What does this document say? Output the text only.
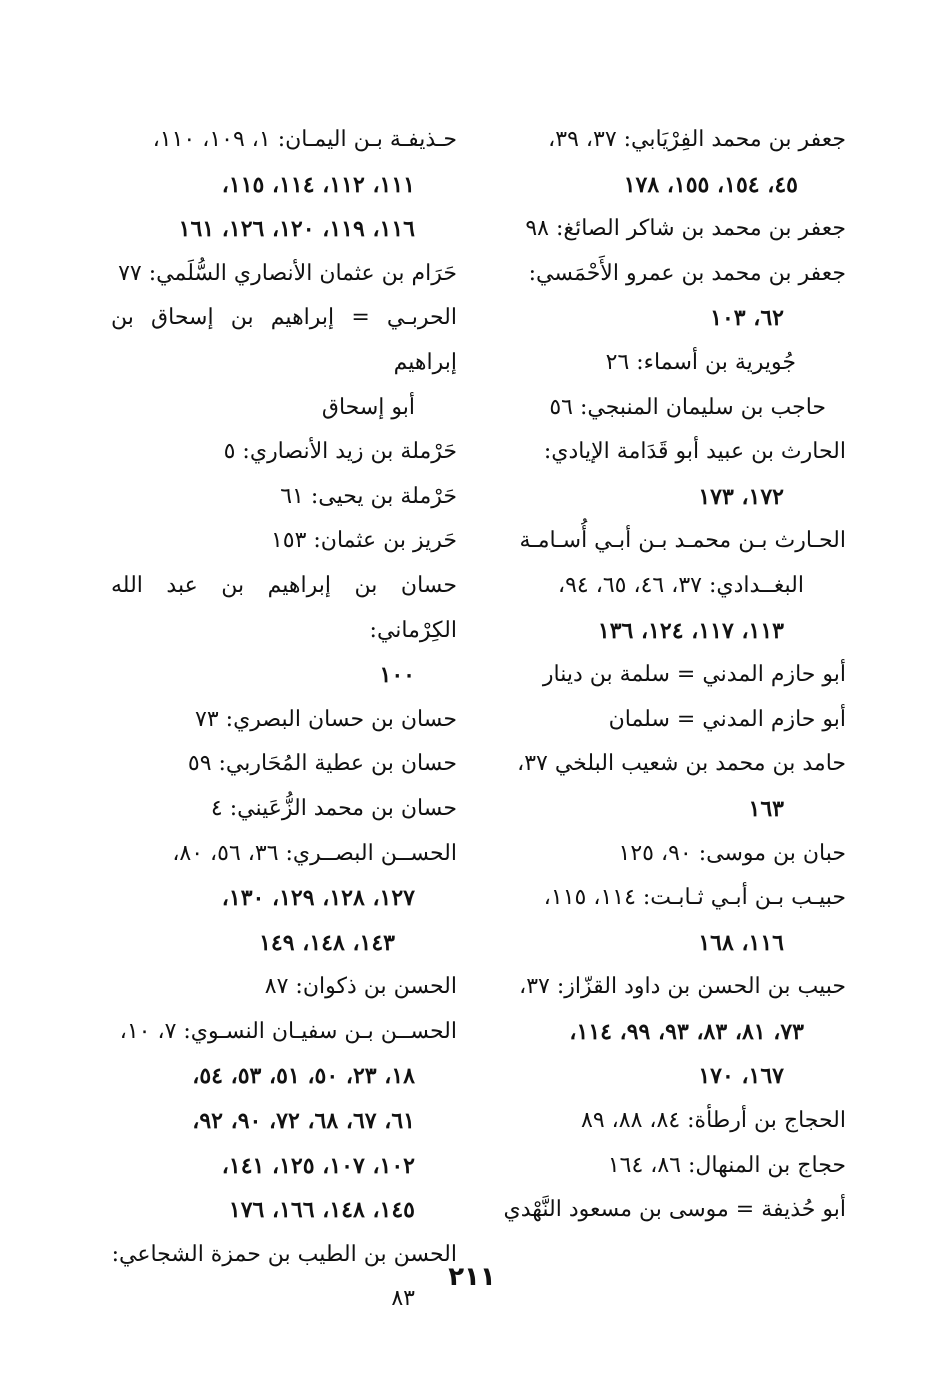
جعفر بن محمد الفِرْيَابي: ٣٧، ٣٩،
٤٥، ١٥٤، ١٥٥، ١٧٨
جعفر بن محمد بن شاكر الصائغ: ٩٨
جعفر بن محمد بن عمرو الأَحْمَسي:
٦٢، ١٠٣
جُويرية بن أسماء: ٢٦
حاجب بن سليمان المنبجي: ٥٦
الحارث بن عبيد أبو قَدَامة الإيادي:
١٧٢، ١٧٣
الحـارث بـن محمـد بـن أبـي أُسـامـة
البغــدادي: ٣٧، ٤٦، ٦٥، ٩٤،
١١٣، ١١٧، ١٢٤، ١٣٦
أبو حازم المدني = سلمة بن دينار
أبو حازم المدني = سلمان
حامد بن محمد بن شعيب البلخي ٣٧،
١٦٣
حبان بن موسى: ٩٠، ١٢٥
حبيـب بـن أبـي ثـابـت: ١١٤، ١١٥،
١١٦، ١٦٨
حبيب بن الحسن بن داود القزّاز: ٣٧،
٧٣، ٨١، ٨٣، ٩٣، ٩٩، ١١٤،
١٦٧، ١٧٠
الحجاج بن أرطأة: ٨٤، ٨٨، ٨٩
حجاج بن المنهال: ٨٦، ١٦٤
أبو حُذيفة = موسى بن مسعود النَّهْدي
حـذيفـة بـن اليمـان: ١، ١٠٩، ١١٠،
١١١، ١١٢، ١١٤، ١١٥،
١١٦، ١١٩، ١٢٠، ١٢٦، ١٦١
حَرَام بن عثمان الأنصاري السُّلَمي: ٧٧
الحربـي = إبراهيم بن إسحاق بن إبراهيم
أبو إسحاق
حَرْملة بن زيد الأنصاري: ٥
حَرْملة بن يحيى: ٦١
حَريز بن عثمان: ١٥٣
حسان بن إبراهيم بن عبد الله الكِرْماني:
١٠٠
حسان بن حسان البصري: ٧٣
حسان بن عطية المُحَاربي: ٥٩
حسان بن محمد الزُّعَيني: ٤
الحســن البصــري: ٣٦، ٥٦، ٨٠،
١٢٧، ١٢٨، ١٢٩، ١٣٠،
١٤٣، ١٤٨، ١٤٩
الحسن بن ذكوان: ٨٧
الحســن بـن سفيـان النسـوي: ٧، ١٠،
١٨، ٢٣، ٥٠، ٥١، ٥٣، ٥٤،
٦١، ٦٧، ٦٨، ٧٢، ٩٠، ٩٢،
١٠٢، ١٠٧، ١٢٥، ١٤١،
١٤٥، ١٤٨، ١٦٦، ١٧٦
الحسن بن الطيب بن حمزة الشجاعي:
٨٣
٢١١
